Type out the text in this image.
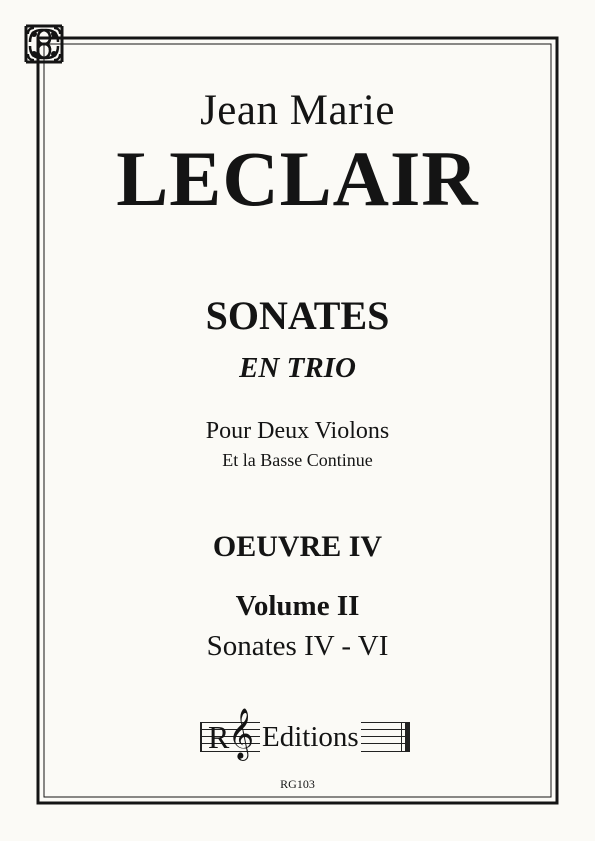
Jean Marie
LECLAIR
SONATES
EN TRIO
Pour Deux Violons
Et la Basse Continue
OEUVRE IV
Volume II
Sonates IV - VI
R
𝄞 Editions
RG103
